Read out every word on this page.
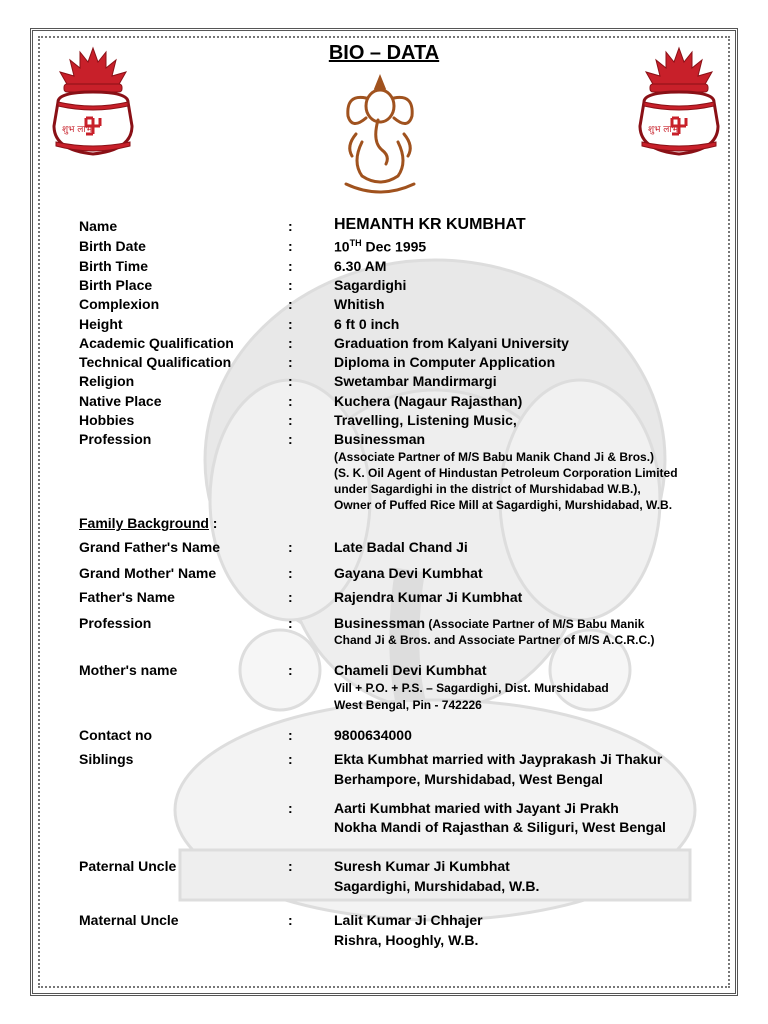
BIO – DATA
शुभ लाभ	शुभ लाभ
Name	:	HEMANTH KR KUMBHAT
Birth Date	:	10TH Dec 1995
Birth Time	:	6.30 AM
Birth Place	:	Sagardighi
Complexion	:	Whitish
Height	:	6 ft 0 inch
Academic Qualification	:	Graduation from Kalyani University
Technical Qualification	:	Diploma in Computer Application
Religion	:	Swetambar Mandirmargi
Native Place	:	Kuchera (Nagaur Rajasthan)
Hobbies	:	Travelling, Listening Music,
Profession	:	Businessman
(Associate Partner of M/S Babu Manik Chand Ji & Bros.)
(S. K. Oil Agent of Hindustan Petroleum Corporation Limited
under Sagardighi in the district of Murshidabad W.B.),
Owner of Puffed Rice Mill at Sagardighi, Murshidabad, W.B.
Family Background :
Grand Father's Name	:	Late Badal Chand Ji
Grand Mother' Name	:	Gayana Devi Kumbhat
Father's Name	:	Rajendra Kumar Ji Kumbhat
Profession	:	Businessman (Associate Partner of M/S Babu Manik
Chand Ji & Bros. and Associate Partner of M/S A.C.R.C.)
Mother's name	:	Chameli Devi Kumbhat
Vill + P.O. + P.S. – Sagardighi, Dist. Murshidabad
West Bengal, Pin - 742226
Contact no	:	9800634000
Siblings	:	Ekta Kumbhat married with Jayprakash Ji Thakur
Berhampore, Murshidabad, West Bengal
:	Aarti Kumbhat maried with Jayant Ji Prakh
Nokha Mandi of Rajasthan & Siliguri, West Bengal
Paternal Uncle	:	Suresh Kumar Ji Kumbhat
Sagardighi, Murshidabad, W.B.
Maternal Uncle	:	Lalit Kumar Ji Chhajer
Rishra, Hooghly, W.B.
